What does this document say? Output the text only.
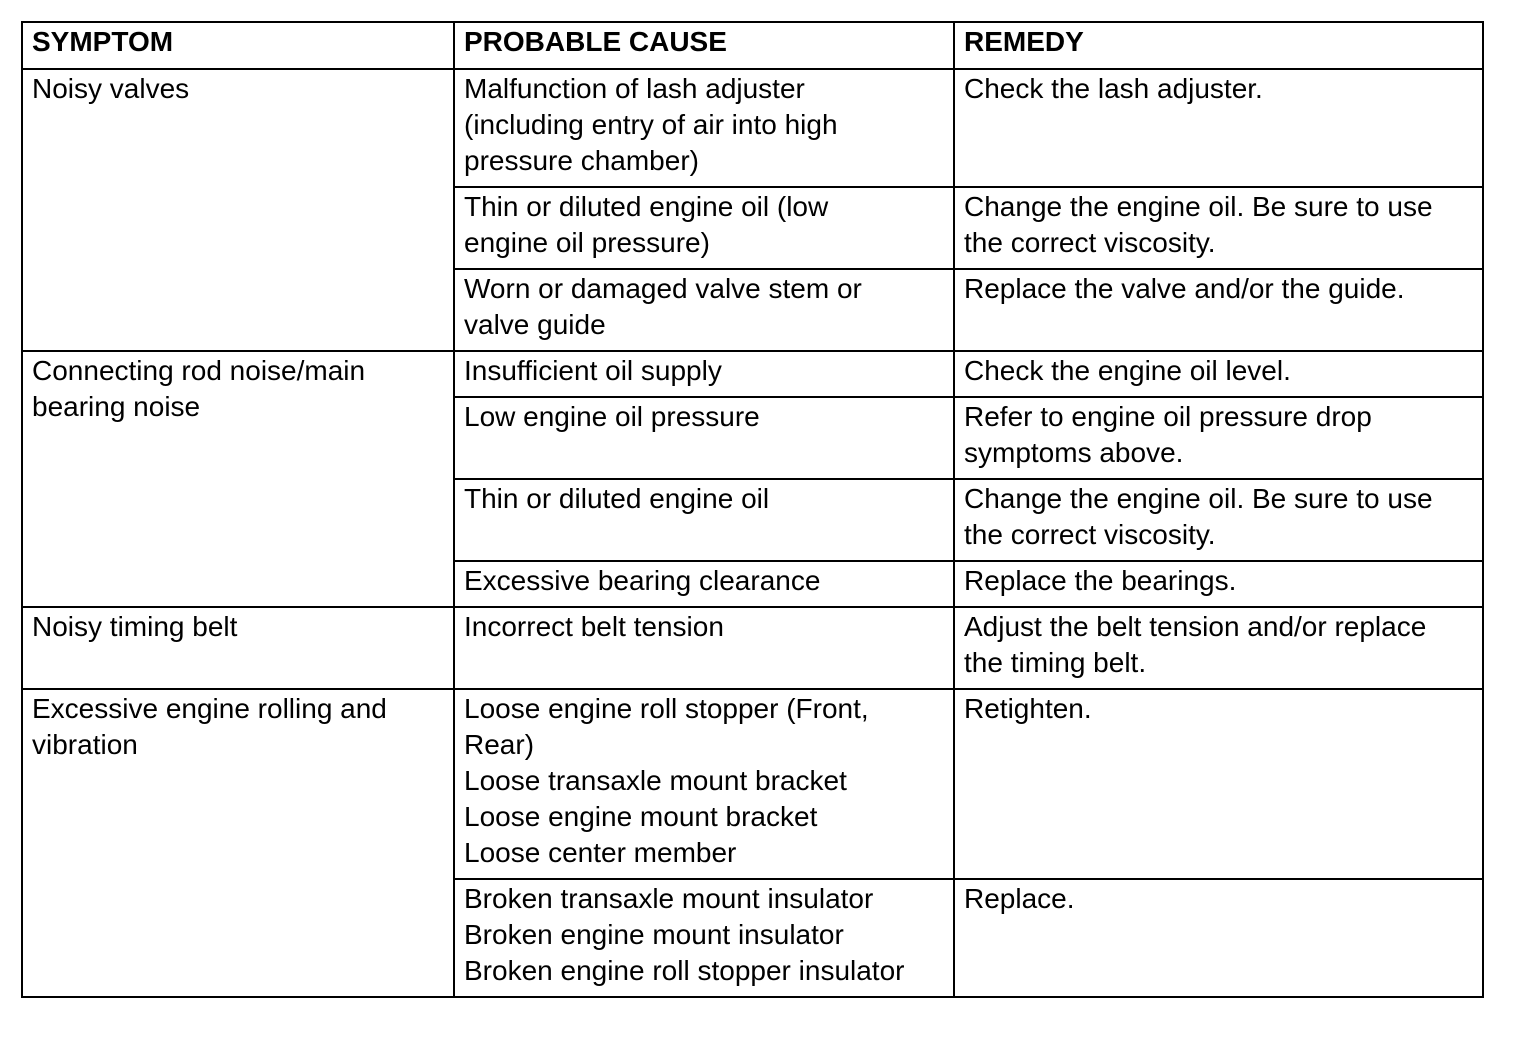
SYMPTOM	PROBABLE CAUSE	REMEDY

Noisy valves	Malfunction of lash adjuster
(including entry of air into high
pressure chamber)	Check the lash adjuster.

	Thin or diluted engine oil (low
engine oil pressure)	Change the engine oil. Be sure to use
the correct viscosity.

	Worn or damaged valve stem or
valve guide	Replace the valve and/or the guide.

Connecting rod noise/main
bearing noise	Insufficient oil supply	Check the engine oil level.

	Low engine oil pressure	Refer to engine oil pressure drop
symptoms above.

	Thin or diluted engine oil	Change the engine oil. Be sure to use
the correct viscosity.

	Excessive bearing clearance	Replace the bearings.

Noisy timing belt	Incorrect belt tension	Adjust the belt tension and/or replace
the timing belt.

Excessive engine rolling and
vibration	Loose engine roll stopper (Front,
Rear)
Loose transaxle mount bracket
Loose engine mount bracket
Loose center member	Retighten.

	Broken transaxle mount insulator
Broken engine mount insulator
Broken engine roll stopper insulator	Replace.
